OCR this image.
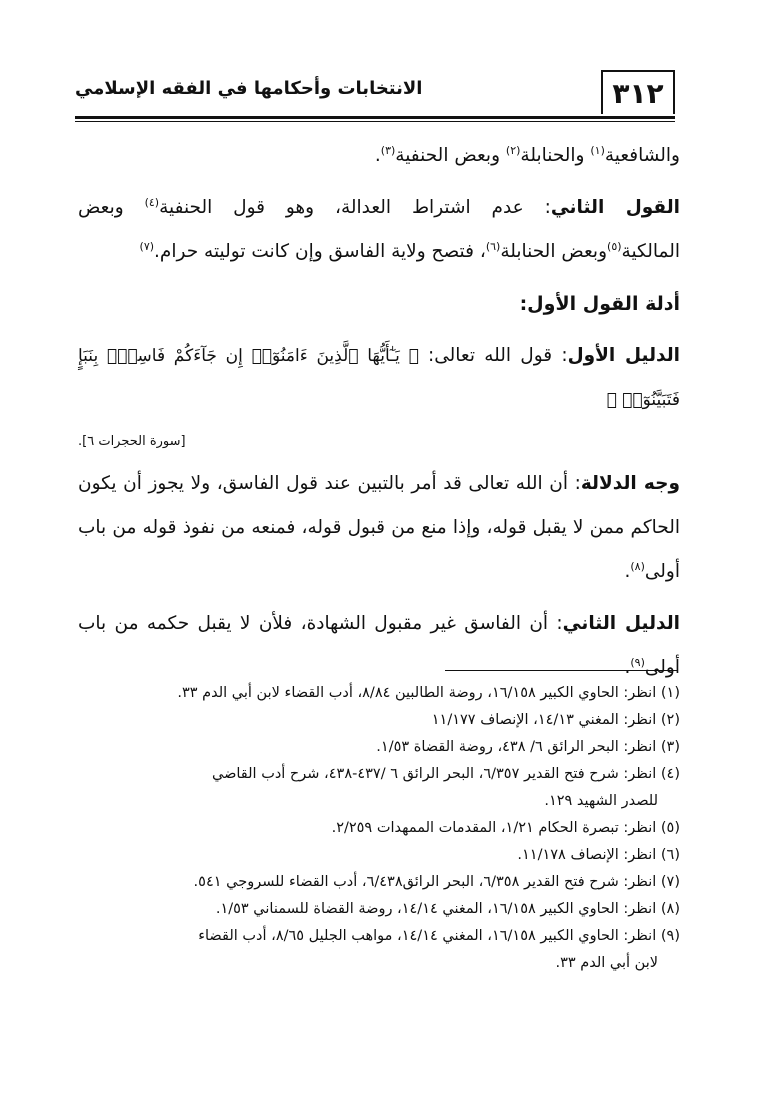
٣١٢
الانتخابات وأحكامها في الفقه الإسلامي

والشافعية$^{(١)}$ والحنابلة$^{(٢)}$ وبعض الحنفية$^{(٣)}$.

القول الثاني: عدم اشتراط العدالة، وهو قول الحنفية$^{(٤)}$ وبعض المالكية$^{(٥)}$وبعض الحنابلة$^{(٦)}$، فتصح ولاية الفاسق وإن كانت توليته حرام.$^{(٧)}$

أدلة القول الأول:

الدليل الأول: قول الله تعالى: ﴿ يَـٰٓأَيُّهَا ٱلَّذِينَ ءَامَنُوٓا۟ إِن جَآءَكُمْ فَاسِقٌۢ بِنَبَإٍ فَتَبَيَّنُوٓا۟ ﴾

[سورة الحجرات ٦].

وجه الدلالة: أن الله تعالى قد أمر بالتبين عند قول الفاسق، ولا يجوز أن يكون الحاكم ممن لا يقبل قوله، وإذا منع من قبول قوله، فمنعه من نفوذ قوله من باب أولى$^{(٨)}$.

الدليل الثاني: أن الفاسق غير مقبول الشهادة، فلأن لا يقبل حكمه من باب أولى$^{(٩)}$.

(١) انظر: الحاوي الكبير ١٦/١٥٨، روضة الطالبين ٨/٨٤، أدب القضاء لابن أبي الدم ٣٣.

(٢) انظر: المغني ١٤/١٣، الإنصاف ١١/١٧٧

(٣) انظر: البحر الرائق ٦/ ٤٣٨، روضة القضاة ١/٥٣.

(٤) انظر: شرح فتح القدير ٦/٣٥٧، البحر الرائق ٦ /٤٣٧-٤٣٨، شرح أدب القاضي

للصدر الشهيد ١٢٩.

(٥) انظر: تبصرة الحكام ١/٢١، المقدمات الممهدات ٢/٢٥٩.

(٦) انظر: الإنصاف ١١/١٧٨.

(٧) انظر: شرح فتح القدير ٦/٣٥٨، البحر الرائق٦/٤٣٨، أدب القضاء للسروجي ٥٤١.

(٨) انظر: الحاوي الكبير ١٦/١٥٨، المغني ١٤/١٤، روضة القضاة للسمناني ١/٥٣.

(٩) انظر: الحاوي الكبير ١٦/١٥٨، المغني ١٤/١٤، مواهب الجليل ٨/٦٥، أدب القضاء

لابن أبي الدم ٣٣.
